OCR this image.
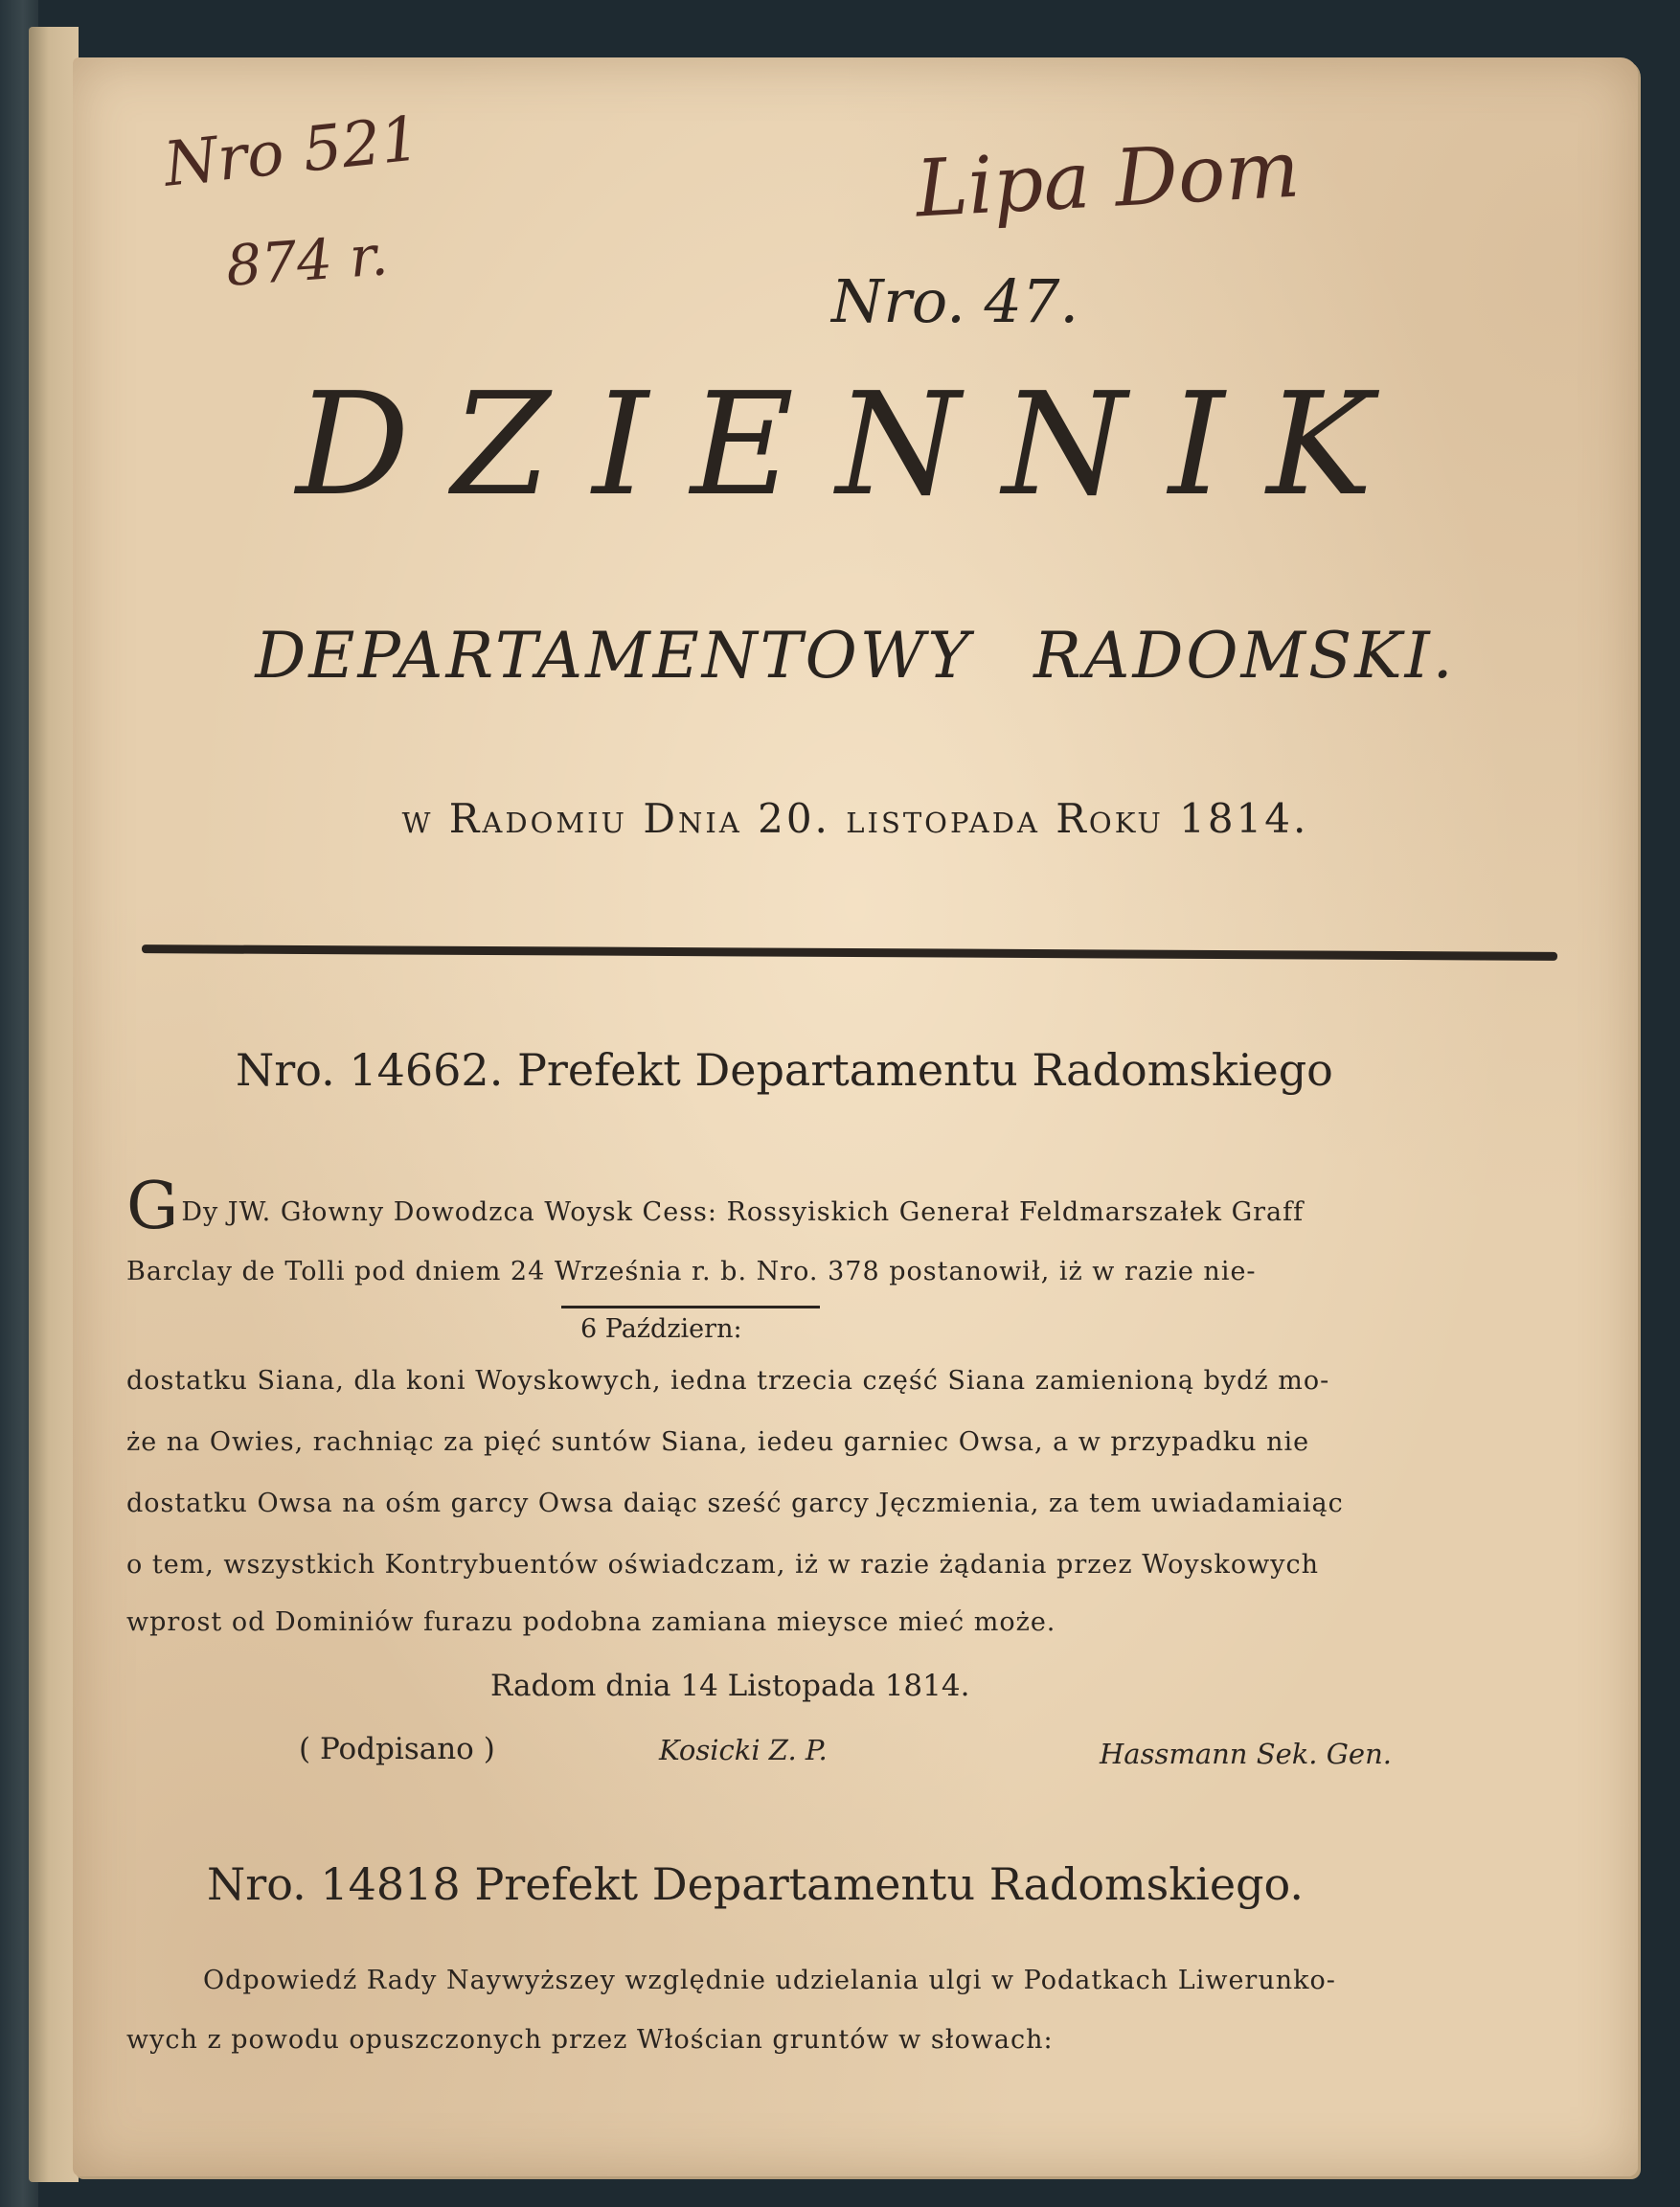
Nro 521
874 r.
Lipa Dom
Nro. 47.
DZIENNIK
DEPARTAMENTOWY RADOMSKI.
w Radomiu Dnia 20. listopada Roku 1814.
Nro. 14662. Prefekt Departamentu Radomskiego
GDy JW. Głowny Dowodzca Woysk Cess: Rossyiskich Generał Feldmarszałek Graff
Barclay de Tolli pod dniem 24 Września r. b. Nro. 378 postanowił, iż w razie nie-
6 Październ:
dostatku Siana, dla koni Woyskowych, iedna trzecia część Siana zamienioną bydź mo-
że na Owies, rachniąc za pięć suntów Siana, iedeu garniec Owsa, a w przypadku nie
dostatku Owsa na ośm garcy Owsa daiąc sześć garcy Jęczmienia, za tem uwiadamiaiąc
o tem, wszystkich Kontrybuentów oświadczam, iż w razie żądania przez Woyskowych
wprost od Dominiów furazu podobna zamiana mieysce mieć może.
Radom dnia 14 Listopada 1814.
( Podpisano )	Kosicki Z. P.	Hassmann Sek. Gen.
Nro. 14818 Prefekt Departamentu Radomskiego.
Odpowiedź Rady Naywyższey względnie udzielania ulgi w Podatkach Liwerunko-
wych z powodu opuszczonych przez Włościan gruntów w słowach:
